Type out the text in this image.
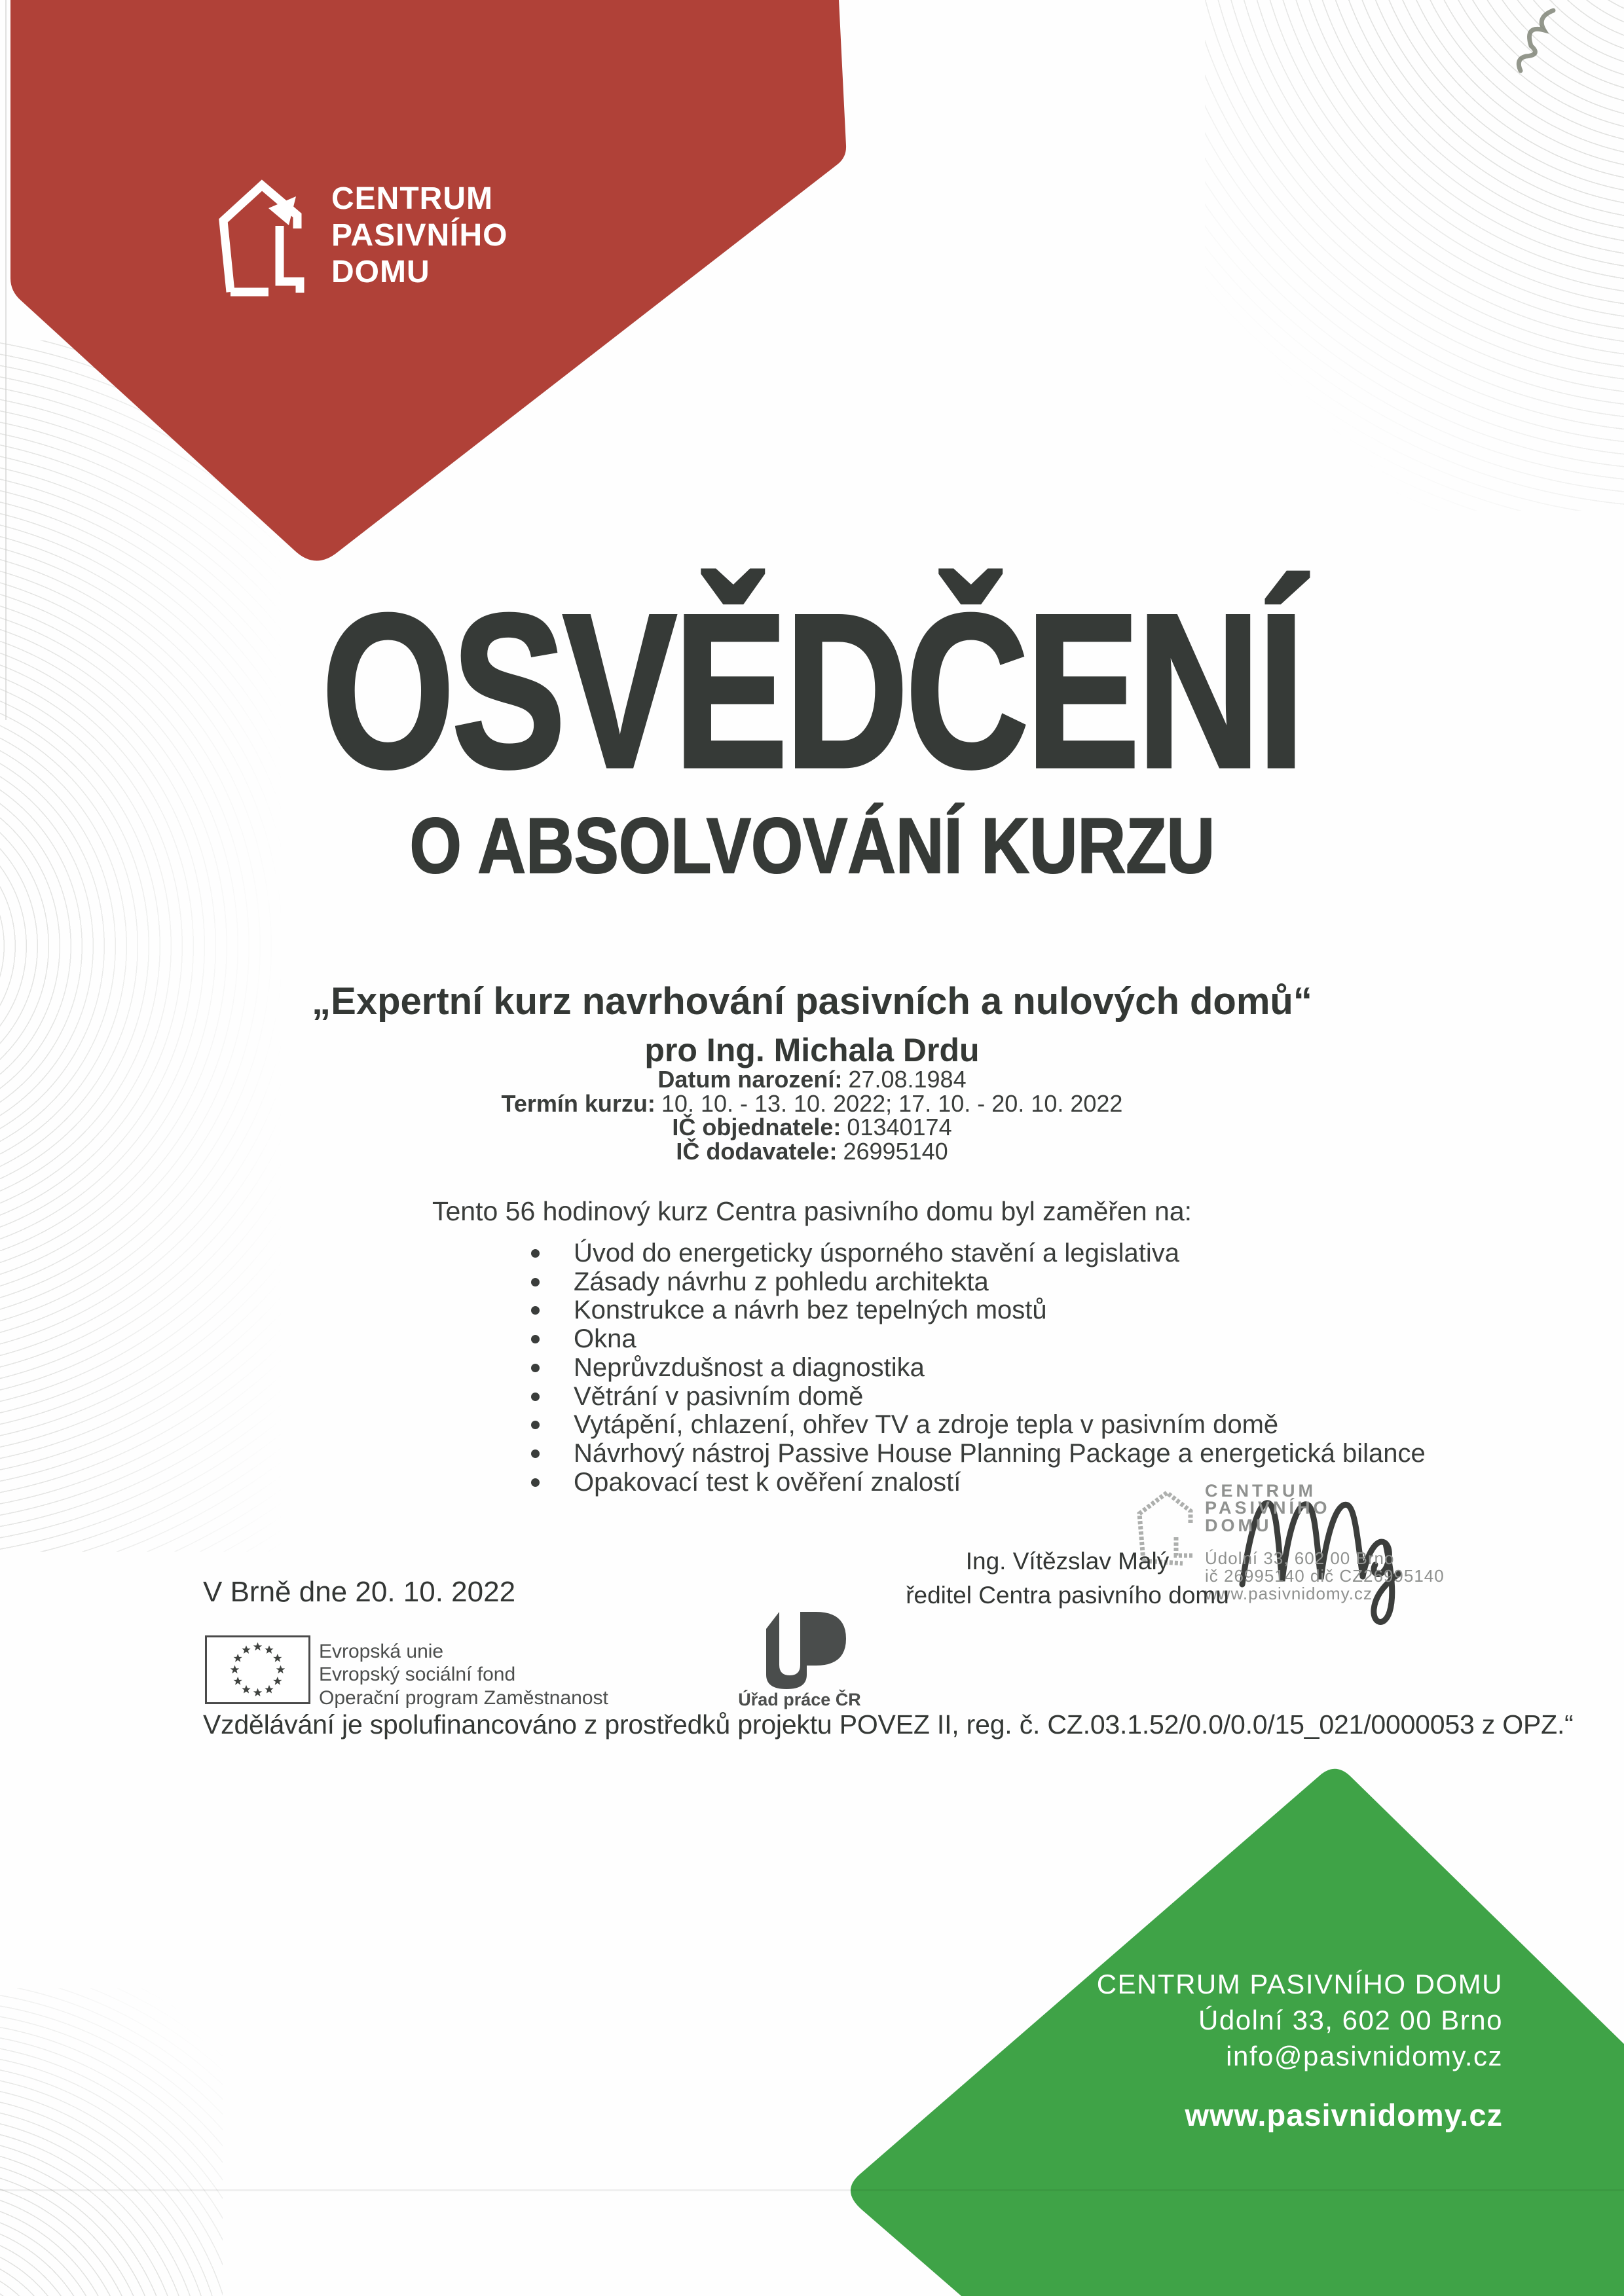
CENTRUM
PASIVNÍHO
DOMU
OSVĚDČENÍ
O ABSOLVOVÁNÍ KURZU
„Expertní kurz navrhování pasivních a nulových domů“
pro Ing. Michala Drdu
Datum narození: 27.08.1984
Termín kurzu: 10. 10. - 13. 10. 2022; 17. 10. - 20. 10. 2022
IČ objednatele: 01340174
IČ dodavatele: 26995140
Tento 56 hodinový kurz Centra pasivního domu byl zaměřen na:
Úvod do energeticky úsporného stavění a legislativa
Zásady návrhu z pohledu architekta
Konstrukce a návrh bez tepelných mostů
Okna
Neprůvzdušnost a diagnostika
Větrání v pasivním domě
Vytápění, chlazení, ohřev TV a zdroje tepla v pasivním domě
Návrhový nástroj Passive House Planning Package a energetická bilance
Opakovací test k ověření znalostí	CENTRUM
PASIVNÍHO
DOMU
Údolní 33, 602 00 Brno
ič 26995140 dič CZ26995140
www.pasivnidomy.cz
Ing. Vítězslav Malý
ředitel Centra pasivního domu
V Brně dne 20. 10. 2022
Evropská unie
Evropský sociální fond
Operační program Zaměstnanost	Úřad práce ČR
Vzdělávání je spolufinancováno z prostředků projektu POVEZ II, reg. č. CZ.03.1.52/0.0/0.0/15_021/0000053 z OPZ.“
CENTRUM PASIVNÍHO DOMU
Údolní 33, 602 00 Brno
info@pasivnidomy.cz
www.pasivnidomy.cz
